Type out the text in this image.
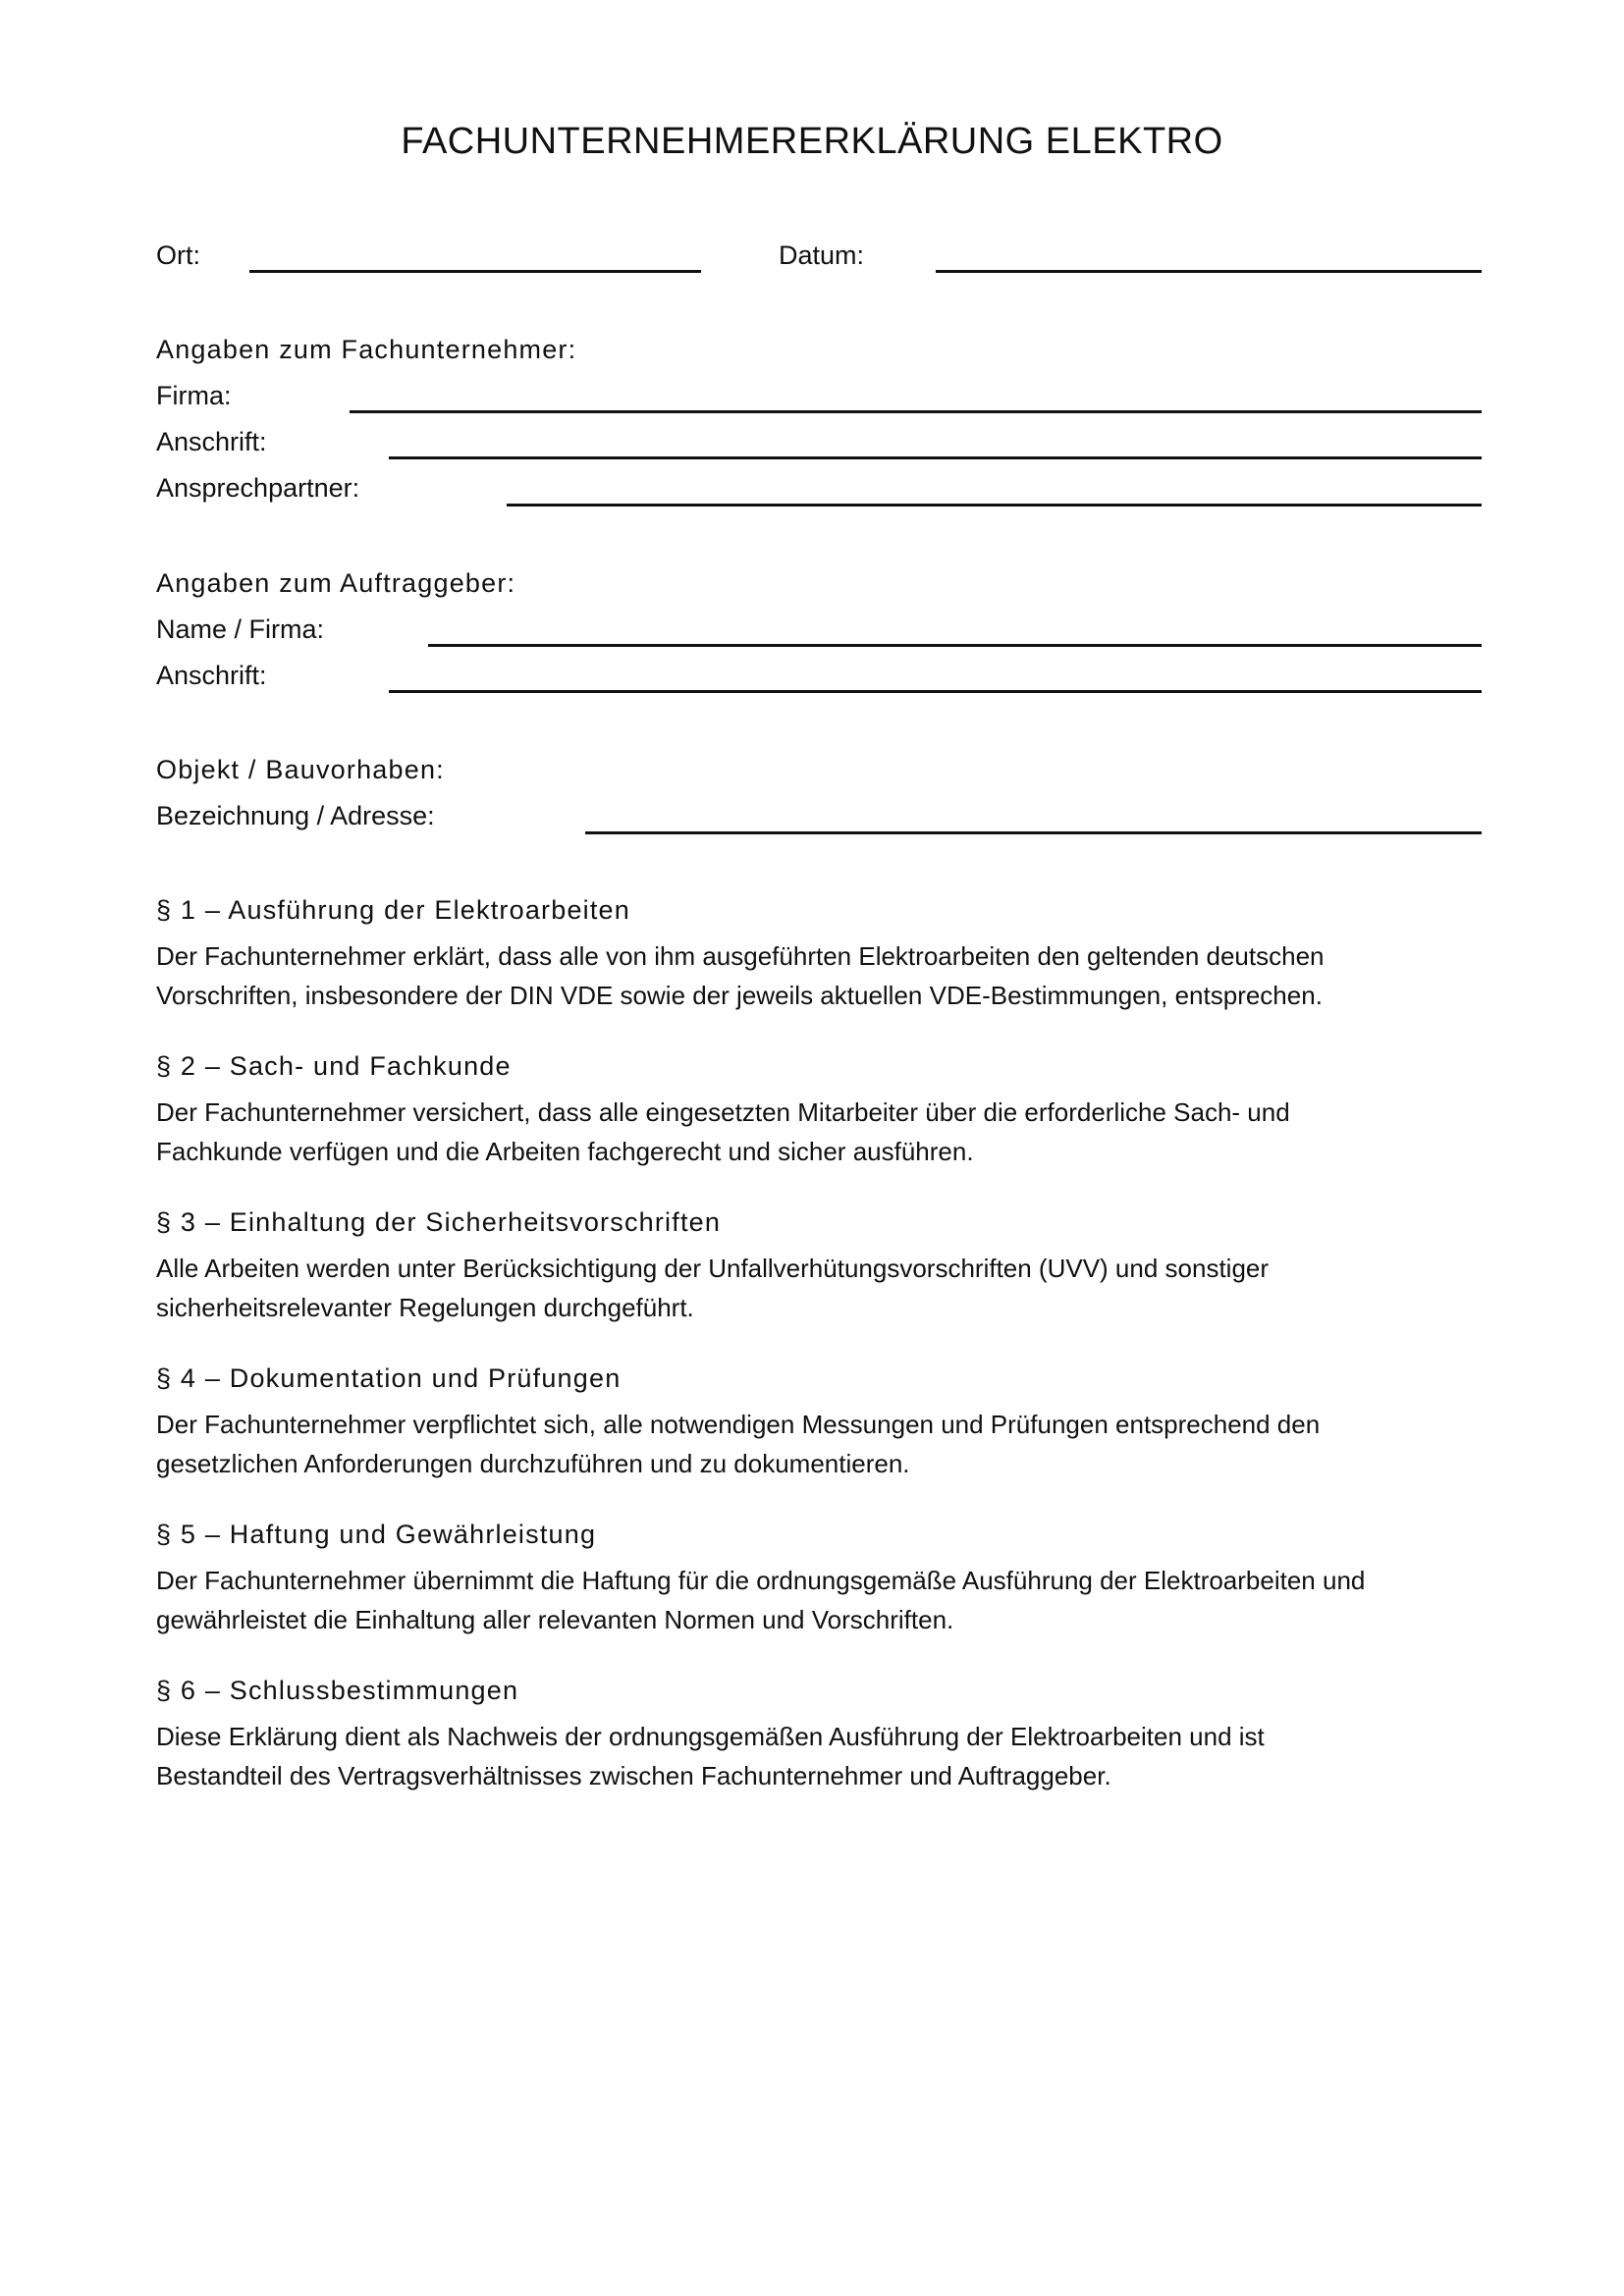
FACHUNTERNEHMERERKLÄRUNG ELEKTRO
Ort:	Datum:
Angaben zum Fachunternehmer:
Firma:
Anschrift:
Ansprechpartner:
Angaben zum Auftraggeber:
Name / Firma:
Anschrift:
Objekt / Bauvorhaben:
Bezeichnung / Adresse:
§ 1 – Ausführung der Elektroarbeiten
Der Fachunternehmer erklärt, dass alle von ihm ausgeführten Elektroarbeiten den geltenden deutschen
Vorschriften, insbesondere der DIN VDE sowie der jeweils aktuellen VDE-Bestimmungen, entsprechen.
§ 2 – Sach- und Fachkunde
Der Fachunternehmer versichert, dass alle eingesetzten Mitarbeiter über die erforderliche Sach- und
Fachkunde verfügen und die Arbeiten fachgerecht und sicher ausführen.
§ 3 – Einhaltung der Sicherheitsvorschriften
Alle Arbeiten werden unter Berücksichtigung der Unfallverhütungsvorschriften (UVV) und sonstiger
sicherheitsrelevanter Regelungen durchgeführt.
§ 4 – Dokumentation und Prüfungen
Der Fachunternehmer verpflichtet sich, alle notwendigen Messungen und Prüfungen entsprechend den
gesetzlichen Anforderungen durchzuführen und zu dokumentieren.
§ 5 – Haftung und Gewährleistung
Der Fachunternehmer übernimmt die Haftung für die ordnungsgemäße Ausführung der Elektroarbeiten und
gewährleistet die Einhaltung aller relevanten Normen und Vorschriften.
§ 6 – Schlussbestimmungen
Diese Erklärung dient als Nachweis der ordnungsgemäßen Ausführung der Elektroarbeiten und ist
Bestandteil des Vertragsverhältnisses zwischen Fachunternehmer und Auftraggeber.
